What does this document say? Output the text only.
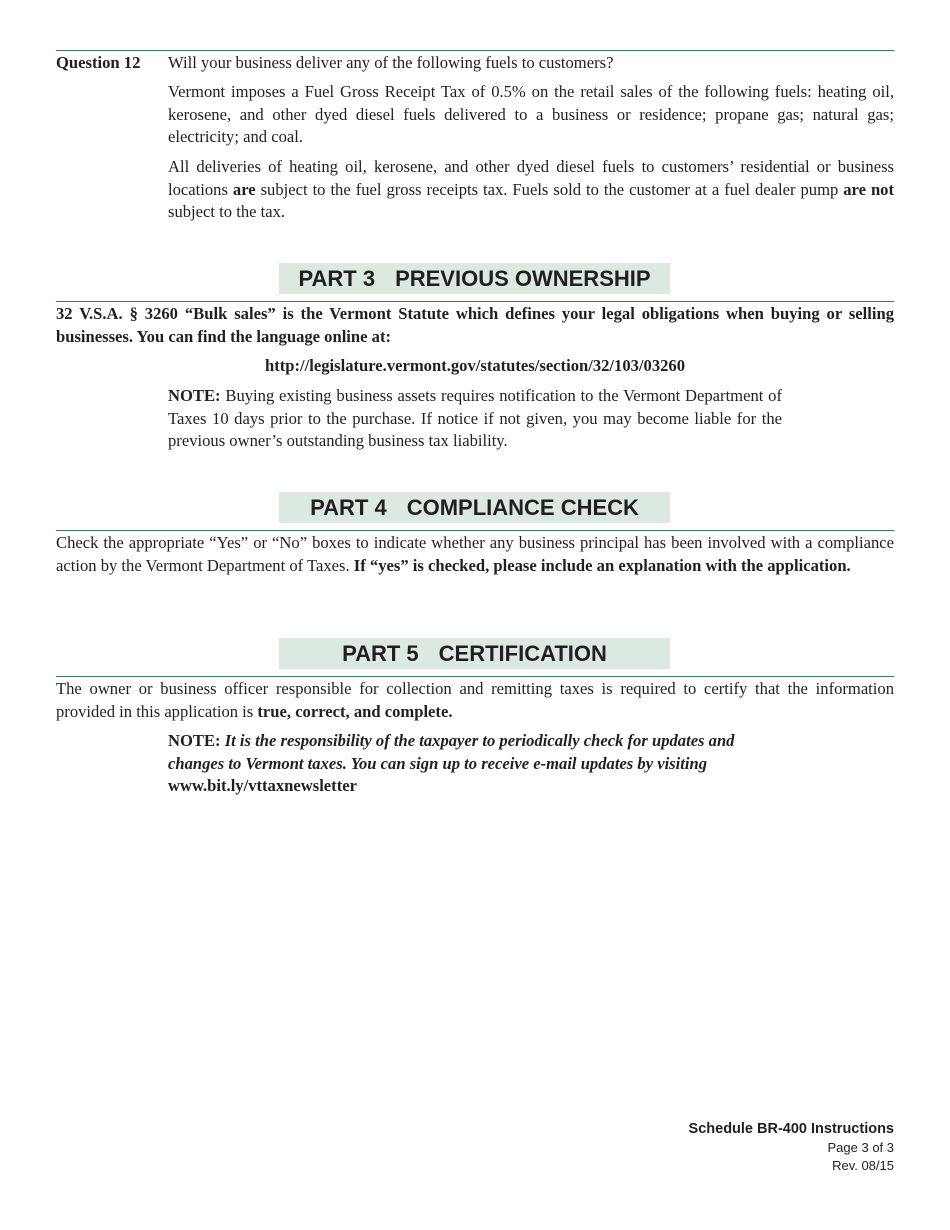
Question 12 Will your business deliver any of the following fuels to customers?

Vermont imposes a Fuel Gross Receipt Tax of 0.5% on the retail sales of the following fuels: heating oil, kerosene, and other dyed diesel fuels delivered to a business or residence; propane gas; natural gas; electricity; and coal.

All deliveries of heating oil, kerosene, and other dyed diesel fuels to customers’ residential or business locations are subject to the fuel gross receipts tax. Fuels sold to the customer at a fuel dealer pump are not subject to the tax.

PART 3 PREVIOUS OWNERSHIP

32 V.S.A. § 3260 “Bulk sales” is the Vermont Statute which defines your legal obligations when buying or selling businesses. You can find the language online at:

http://legislature.vermont.gov/statutes/section/32/103/03260

NOTE: Buying existing business assets requires notification to the Vermont Department of Taxes 10 days prior to the purchase. If notice if not given, you may become liable for the previous owner’s outstanding business tax liability.

PART 4 COMPLIANCE CHECK

Check the appropriate “Yes” or “No” boxes to indicate whether any business principal has been involved with a compliance action by the Vermont Department of Taxes. If “yes” is checked, please include an explanation with the application.

PART 5 CERTIFICATION

The owner or business officer responsible for collection and remitting taxes is required to certify that the information provided in this application is true, correct, and complete.

NOTE: It is the responsibility of the taxpayer to periodically check for updates and changes to Vermont taxes. You can sign up to receive e-mail updates by visiting
www.bit.ly/vttaxnewsletter

Schedule BR-400 Instructions
Page 3 of 3
Rev. 08/15
